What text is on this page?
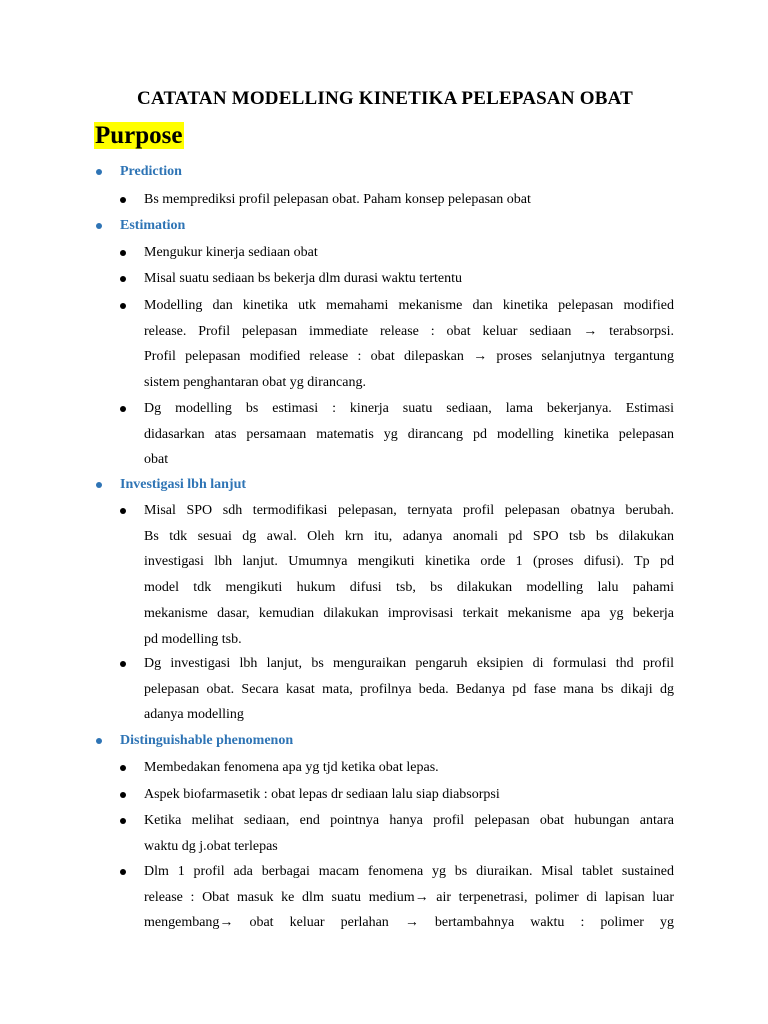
CATATAN MODELLING KINETIKA PELEPASAN OBAT
Purpose
Prediction
Bs memprediksi profil pelepasan obat. Paham konsep pelepasan obat
Estimation
Mengukur kinerja sediaan obat
Misal suatu sediaan bs bekerja dlm durasi waktu tertentu
Modelling dan kinetika utk memahami mekanisme dan kinetika pelepasan modified
release. Profil pelepasan immediate release : obat keluar sediaan → terabsorpsi.
Profil pelepasan modified release : obat dilepaskan → proses selanjutnya tergantung
sistem penghantaran obat yg dirancang.
Dg modelling bs estimasi : kinerja suatu sediaan, lama bekerjanya. Estimasi
didasarkan atas persamaan matematis yg dirancang pd modelling kinetika pelepasan
obat
Investigasi lbh lanjut
Misal SPO sdh termodifikasi pelepasan, ternyata profil pelepasan obatnya berubah.
Bs tdk sesuai dg awal. Oleh krn itu, adanya anomali pd SPO tsb bs dilakukan
investigasi lbh lanjut. Umumnya mengikuti kinetika orde 1 (proses difusi). Tp pd
model tdk mengikuti hukum difusi tsb, bs dilakukan modelling lalu pahami
mekanisme dasar, kemudian dilakukan improvisasi terkait mekanisme apa yg bekerja
pd modelling tsb.
Dg investigasi lbh lanjut, bs menguraikan pengaruh eksipien di formulasi thd profil
pelepasan obat. Secara kasat mata, profilnya beda. Bedanya pd fase mana bs dikaji dg
adanya modelling
Distinguishable phenomenon
Membedakan fenomena apa yg tjd ketika obat lepas.
Aspek biofarmasetik : obat lepas dr sediaan lalu siap diabsorpsi
Ketika melihat sediaan, end pointnya hanya profil pelepasan obat hubungan antara
waktu dg j.obat terlepas
Dlm 1 profil ada berbagai macam fenomena yg bs diuraikan. Misal tablet sustained
release : Obat masuk ke dlm suatu medium→ air terpenetrasi, polimer di lapisan luar
mengembang→ obat keluar perlahan → bertambahnya waktu : polimer yg
